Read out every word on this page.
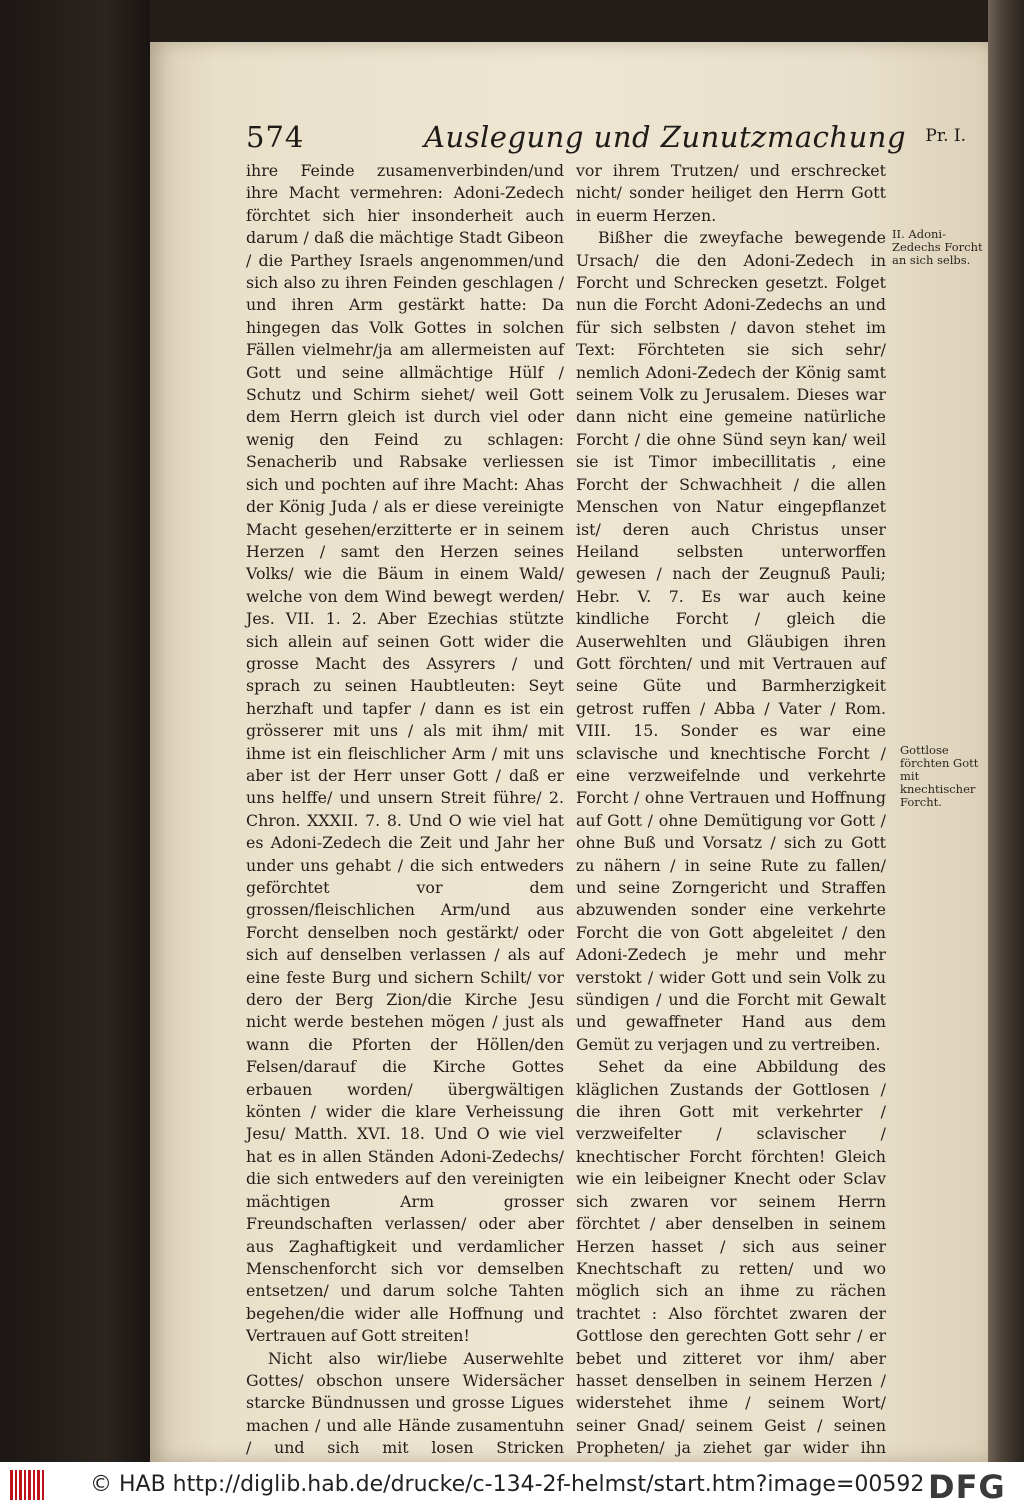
574	Auslegung und Zunutzmachung Pr. I.

ihre Feinde zusamenverbinden/und ihre Macht vermehren: Adoni-Zedech förchtet sich hier insonderheit auch darum / daß die mächtige Stadt Gibeon / die Parthey Israels angenommen/und sich also zu ihren Feinden geschlagen / und ihren Arm gestärkt hatte: Da hingegen das Volk Gottes in solchen Fällen vielmehr/ja am allermeisten auf Gott und seine allmächtige Hülf / Schutz und Schirm siehet/ weil Gott dem Herrn gleich ist durch viel oder wenig den Feind zu schlagen: Senacherib und Rabsake verliessen sich und pochten auf ihre Macht: Ahas der König Juda / als er diese vereinigte Macht gesehen/erzitterte er in seinem Herzen / samt den Herzen seines Volks/ wie die Bäum in einem Wald/ welche von dem Wind bewegt werden/ Jes. VII. 1. 2. Aber Ezechias stützte sich allein auf seinen Gott wider die grosse Macht des Assyrers / und sprach zu seinen Haubtleuten: Seyt herzhaft und tapfer / dann es ist ein grösserer mit uns / als mit ihm/ mit ihme ist ein fleischlicher Arm / mit uns aber ist der Herr unser Gott / daß er uns helffe/ und unsern Streit führe/ 2. Chron. XXXII. 7. 8. Und O wie viel hat es Adoni-Zedech die Zeit und Jahr her under uns gehabt / die sich entweders geförchtet vor dem grossen/fleischlichen Arm/und aus Forcht denselben noch gestärkt/ oder sich auf denselben verlassen / als auf eine feste Burg und sichern Schilt/ vor dero der Berg Zion/die Kirche Jesu nicht werde bestehen mögen / just als wann die Pforten der Höllen/den Felsen/darauf die Kirche Gottes erbauen worden/ übergwältigen könten / wider die klare Verheissung Jesu/ Matth. XVI. 18. Und O wie viel hat es in allen Ständen Adoni-Zedechs/ die sich entweders auf den vereinigten mächtigen Arm grosser Freundschaften verlassen/ oder aber aus Zaghaftigkeit und verdamlicher Menschenforcht sich vor demselben entsetzen/ und darum solche Tahten begehen/die wider alle Hoffnung und Vertrauen auf Gott streiten!

Nicht also wir/liebe Auserwehlte Gottes/ obschon unsere Widersächer starcke Bündnussen und grosse Ligues machen / und alle Hände zusamentuhn / und sich mit losen Stricken

vor ihrem Trutzen/ und erschrecket nicht/ sonder heiliget den Herrn Gott in euerm Herzen.

Bißher die zweyfache bewegende Ursach/ die den Adoni-Zedech in Forcht und Schrecken gesetzt. Folget nun die Forcht Adoni-Zedechs an und für sich selbsten / davon stehet im Text: Förchteten sie sich sehr/ nemlich Adoni-Zedech der König samt seinem Volk zu Jerusalem. Dieses war dann nicht eine gemeine natürliche Forcht / die ohne Sünd seyn kan/ weil sie ist Timor imbecillitatis , eine Forcht der Schwachheit / die allen Menschen von Natur eingepflanzet ist/ deren auch Christus unser Heiland selbsten unterworffen gewesen / nach der Zeugnuß Pauli; Hebr. V. 7. Es war auch keine kindliche Forcht / gleich die Auserwehlten und Gläubigen ihren Gott förchten/ und mit Vertrauen auf seine Güte und Barmherzigkeit getrost ruffen / Abba / Vater / Rom. VIII. 15. Sonder es war eine sclavische und knechtische Forcht / eine verzweifelnde und verkehrte Forcht / ohne Vertrauen und Hoffnung auf Gott / ohne Demütigung vor Gott / ohne Buß und Vorsatz / sich zu Gott zu nähern / in seine Rute zu fallen/ und seine Zorngericht und Straffen abzuwenden sonder eine verkehrte Forcht die von Gott abgeleitet / den Adoni-Zedech je mehr und mehr verstokt / wider Gott und sein Volk zu sündigen / und die Forcht mit Gewalt und gewaffneter Hand aus dem Gemüt zu verjagen und zu vertreiben.

Sehet da eine Abbildung des kläglichen Zustands der Gottlosen / die ihren Gott mit verkehrter / verzweifelter / sclavischer / knechtischer Forcht förchten! Gleich wie ein leibeigner Knecht oder Sclav sich zwaren vor seinem Herrn förchtet / aber denselben in seinem Herzen hasset / sich aus seiner Knechtschaft zu retten/ und wo möglich sich an ihme zu rächen trachtet : Also förchtet zwaren der Gottlose den gerechten Gott sehr / er bebet und zitteret vor ihm/ aber hasset denselben in seinem Herzen / widerstehet ihme / seinem Wort/ seiner Gnad/ seinem Geist / seinen Propheten/ ja ziehet gar wider ihn

II. Adoni-Zedechs Forcht an sich selbs.
Gottlose förchten Gott mit knechtischer Forcht.
© HAB http://diglib.hab.de/drucke/c-134-2f-helmst/start.htm?image=00592 DFG
